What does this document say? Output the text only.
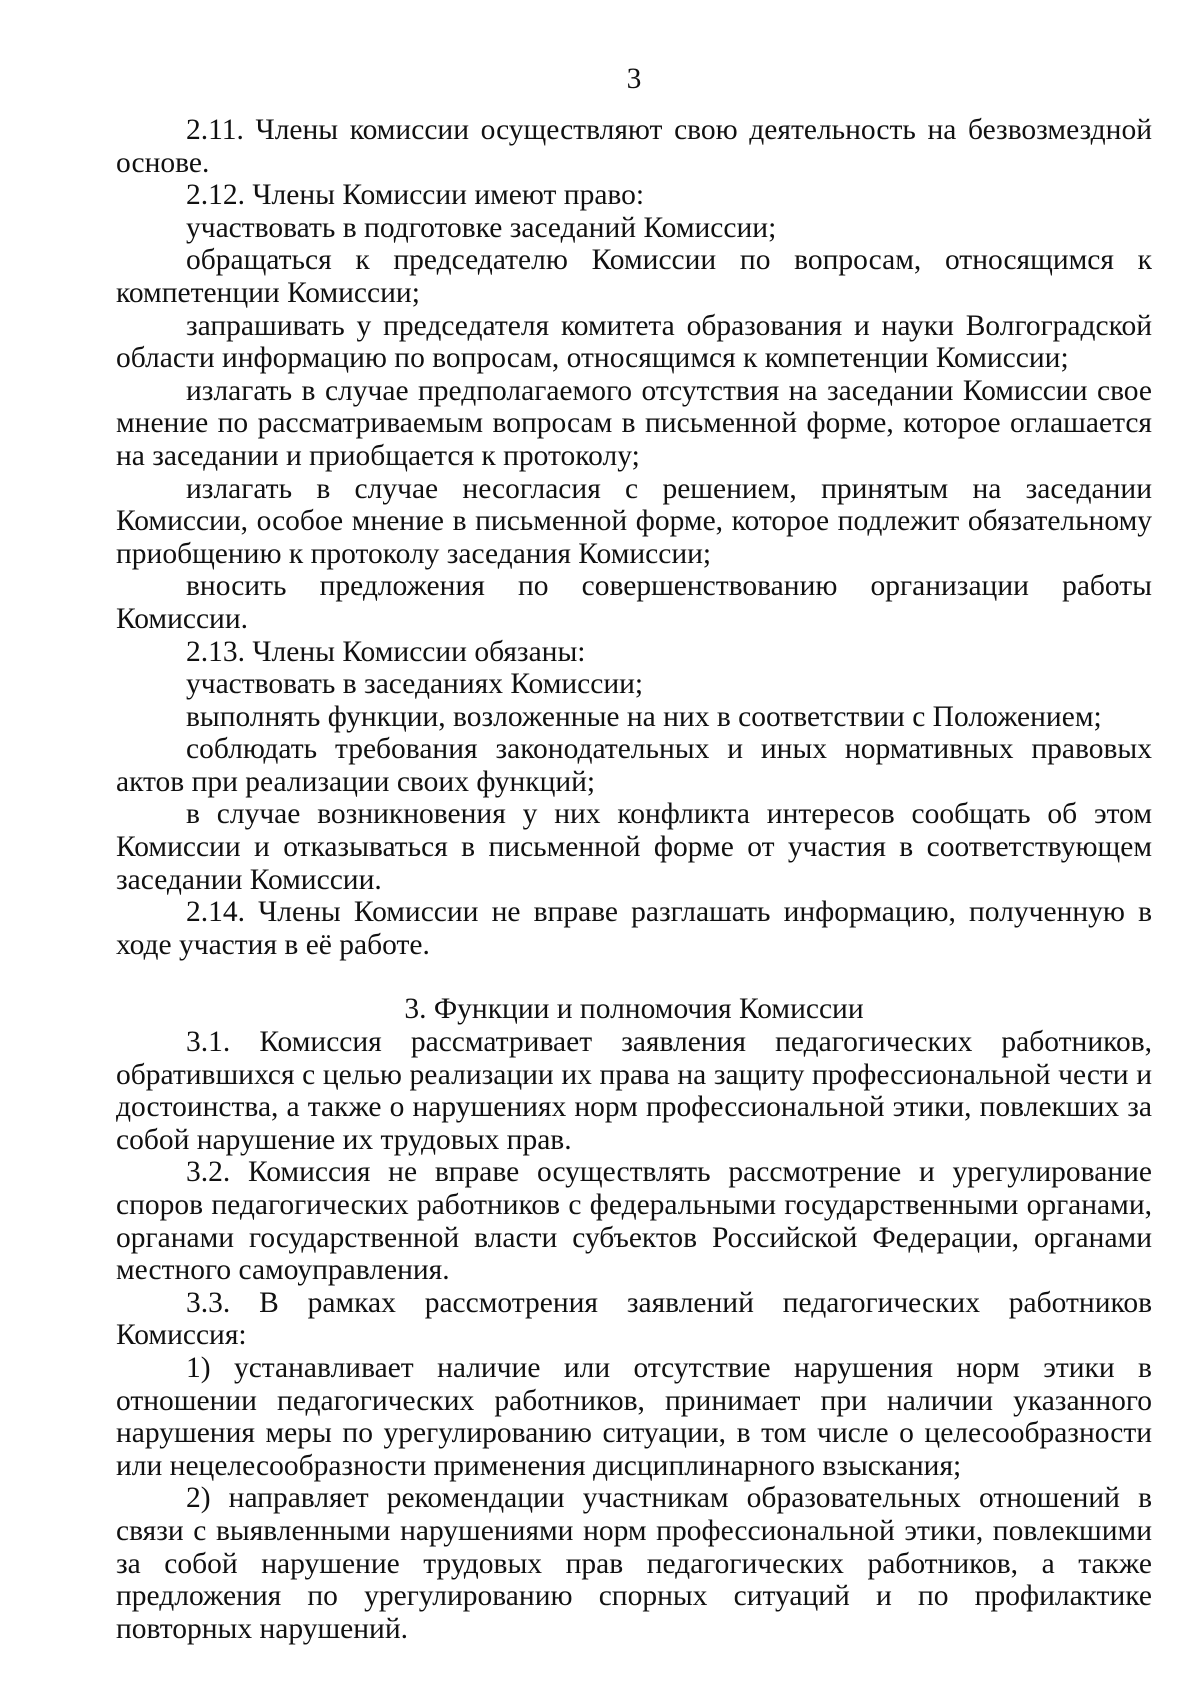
3

2.11. Члены комиссии осуществляют свою деятельность на безвозмездной основе.

2.12. Члены Комиссии имеют право:

участвовать в подготовке заседаний Комиссии;

обращаться к председателю Комиссии по вопросам, относящимся к компетенции Комиссии;

запрашивать у председателя комитета образования и науки Волгоградской области информацию по вопросам, относящимся к компетенции Комиссии;

излагать в случае предполагаемого отсутствия на заседании Комиссии свое мнение по рассматриваемым вопросам в письменной форме, которое оглашается на заседании и приобщается к протоколу;

излагать в случае несогласия с решением, принятым на заседании Комиссии, особое мнение в письменной форме, которое подлежит обязательному приобщению к протоколу заседания Комиссии;

вносить предложения по совершенствованию организации работы Комиссии.

2.13. Члены Комиссии обязаны:

участвовать в заседаниях Комиссии;

выполнять функции, возложенные на них в соответствии с Положением;

соблюдать требования законодательных и иных нормативных правовых актов при реализации своих функций;

в случае возникновения у них конфликта интересов сообщать об этом Комиссии и отказываться в письменной форме от участия в соответствующем заседании Комиссии.

2.14. Члены Комиссии не вправе разглашать информацию, полученную в ходе участия в её работе.

3. Функции и полномочия Комиссии

3.1. Комиссия рассматривает заявления педагогических работников, обратившихся с целью реализации их права на защиту профессиональной чести и достоинства, а также о нарушениях норм профессиональной этики, повлекших за собой нарушение их трудовых прав.

3.2. Комиссия не вправе осуществлять рассмотрение и урегулирование споров педагогических работников с федеральными государственными органами, органами государственной власти субъектов Российской Федерации, органами местного самоуправления.

3.3. В рамках рассмотрения заявлений педагогических работников Комиссия:

1) устанавливает наличие или отсутствие нарушения норм этики в отношении педагогических работников, принимает при наличии указанного нарушения меры по урегулированию ситуации, в том числе о целесообразности или нецелесообразности применения дисциплинарного взыскания;

2) направляет рекомендации участникам образовательных отношений в связи с выявленными нарушениями норм профессиональной этики, повлекшими за собой нарушение трудовых прав педагогических работников, а также предложения по урегулированию спорных ситуаций и по профилактике повторных нарушений.
